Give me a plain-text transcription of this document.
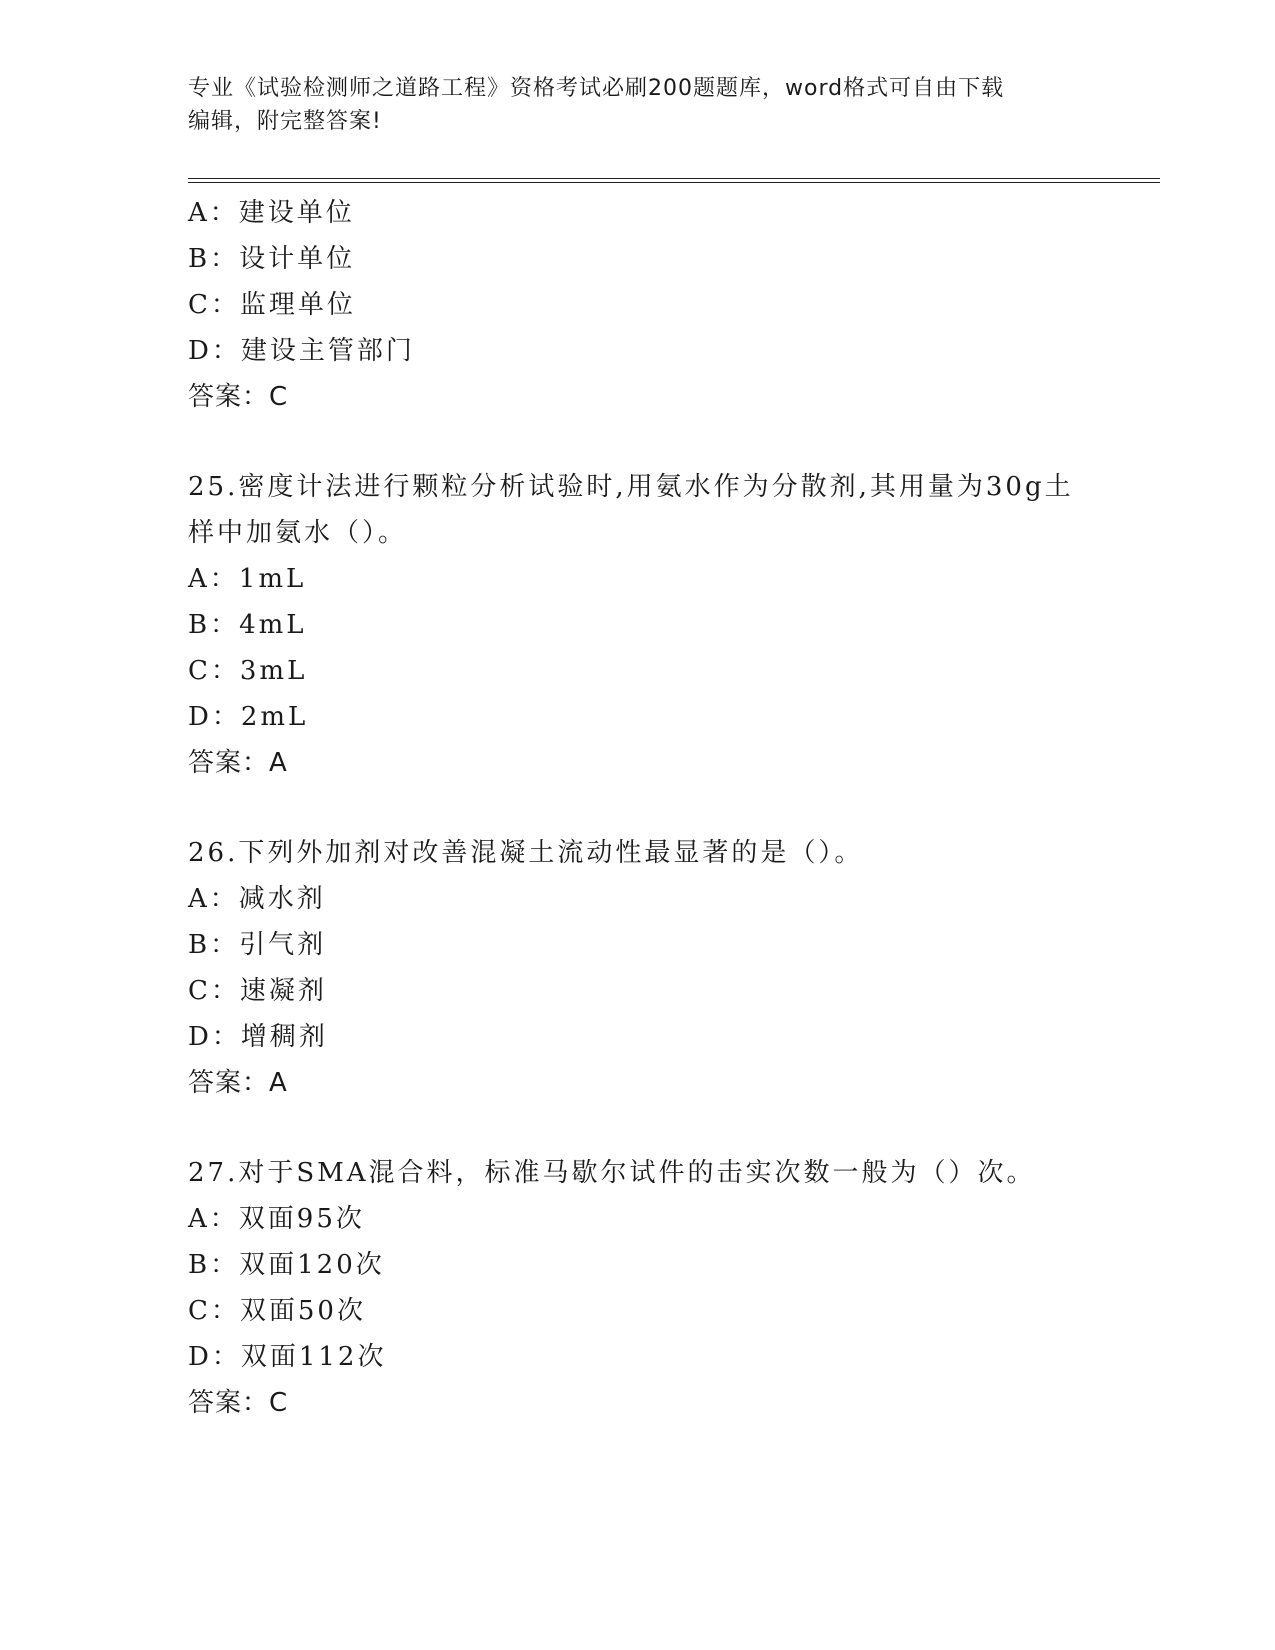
专业《试验检测师之道路工程》资格考试必刷200题题库，word格式可自由下载
编辑，附完整答案!
A：建设单位
B：设计单位
C：监理单位
D：建设主管部门
答案：C
25.密度计法进行颗粒分析试验时,用氨水作为分散剂,其用量为30g土
样中加氨水（）。
A：1mL
B：4mL
C：3mL
D：2mL
答案：A
26.下列外加剂对改善混凝土流动性最显著的是（）。
A：减水剂
B：引气剂
C：速凝剂
D：增稠剂
答案：A
27.对于SMA混合料，标准马歇尔试件的击实次数一般为（）次。
A：双面95次
B：双面120次
C：双面50次
D：双面112次
答案：C
